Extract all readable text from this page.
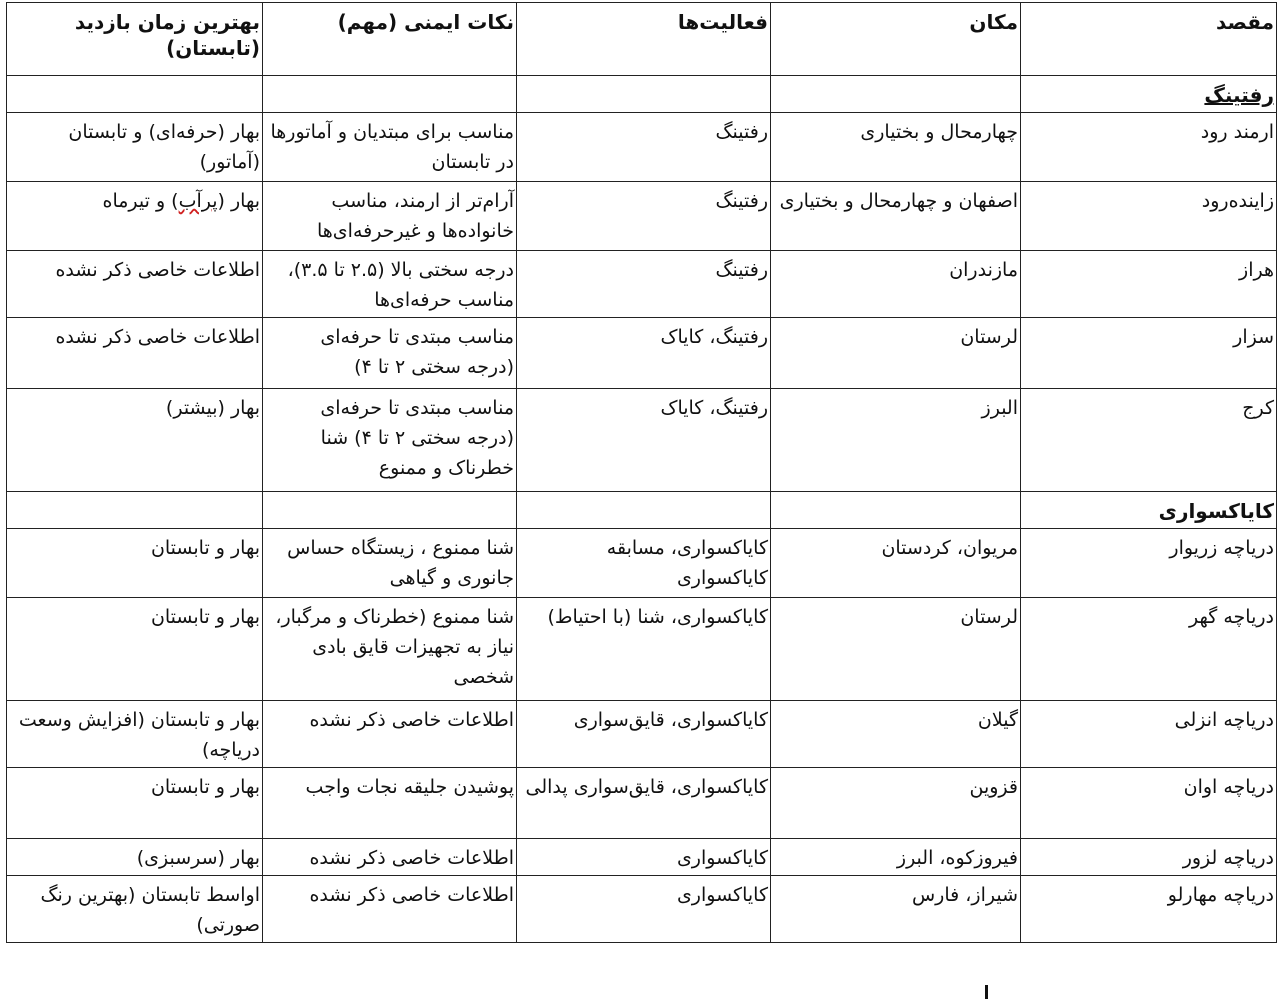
مقصد	مکان	فعالیت‌ها	نکات ایمنی (مهم)	بهترین زمان بازدید (تابستان)
رفتینگ				
ارمند رود	چهارمحال و بختیاری	رفتینگ	مناسب برای مبتدیان و آماتورها در تابستان	بهار (حرفه‌ای) و تابستان (آماتور)
زاینده‌رود	اصفهان و چهارمحال و بختیاری	رفتینگ	آرام‌تر از ارمند، مناسب خانواده‌ها و غیرحرفه‌ای‌ها	بهار (پرآب) و تیرماه
هراز	مازندران	رفتینگ	درجه سختی بالا (۲.۵ تا ۳.۵)، مناسب حرفه‌ای‌ها	اطلاعات خاصی ذکر نشده
سزار	لرستان	رفتینگ، کایاک	مناسب مبتدی تا حرفه‌ای (درجه سختی ۲ تا ۴)	اطلاعات خاصی ذکر نشده
کرج	البرز	رفتینگ، کایاک	مناسب مبتدی تا حرفه‌ای (درجه سختی ۲ تا ۴) شنا خطرناک و ممنوع	بهار (بیشتر)
کایاکسواری				
دریاچه زریوار	مریوان، کردستان	کایاکسواری، مسابقه کایاکسواری	شنا ممنوع ، زیستگاه حساس جانوری و گیاهی	بهار و تابستان
دریاچه گهر	لرستان	کایاکسواری، شنا (با احتیاط)	شنا ممنوع (خطرناک و مرگبار، نیاز به تجهیزات قایق بادی شخصی	بهار و تابستان
دریاچه انزلی	گیلان	کایاکسواری، قایق‌سواری	اطلاعات خاصی ذکر نشده	بهار و تابستان (افزایش وسعت دریاچه)
دریاچه اوان	قزوین	کایاکسواری، قایق‌سواری پدالی	پوشیدن جلیقه نجات واجب	بهار و تابستان
دریاچه لزور	فیروزکوه، البرز	کایاکسواری	اطلاعات خاصی ذکر نشده	بهار (سرسبزی)
دریاچه مهارلو	شیراز، فارس	کایاکسواری	اطلاعات خاصی ذکر نشده	اواسط تابستان (بهترین رنگ صورتی)
